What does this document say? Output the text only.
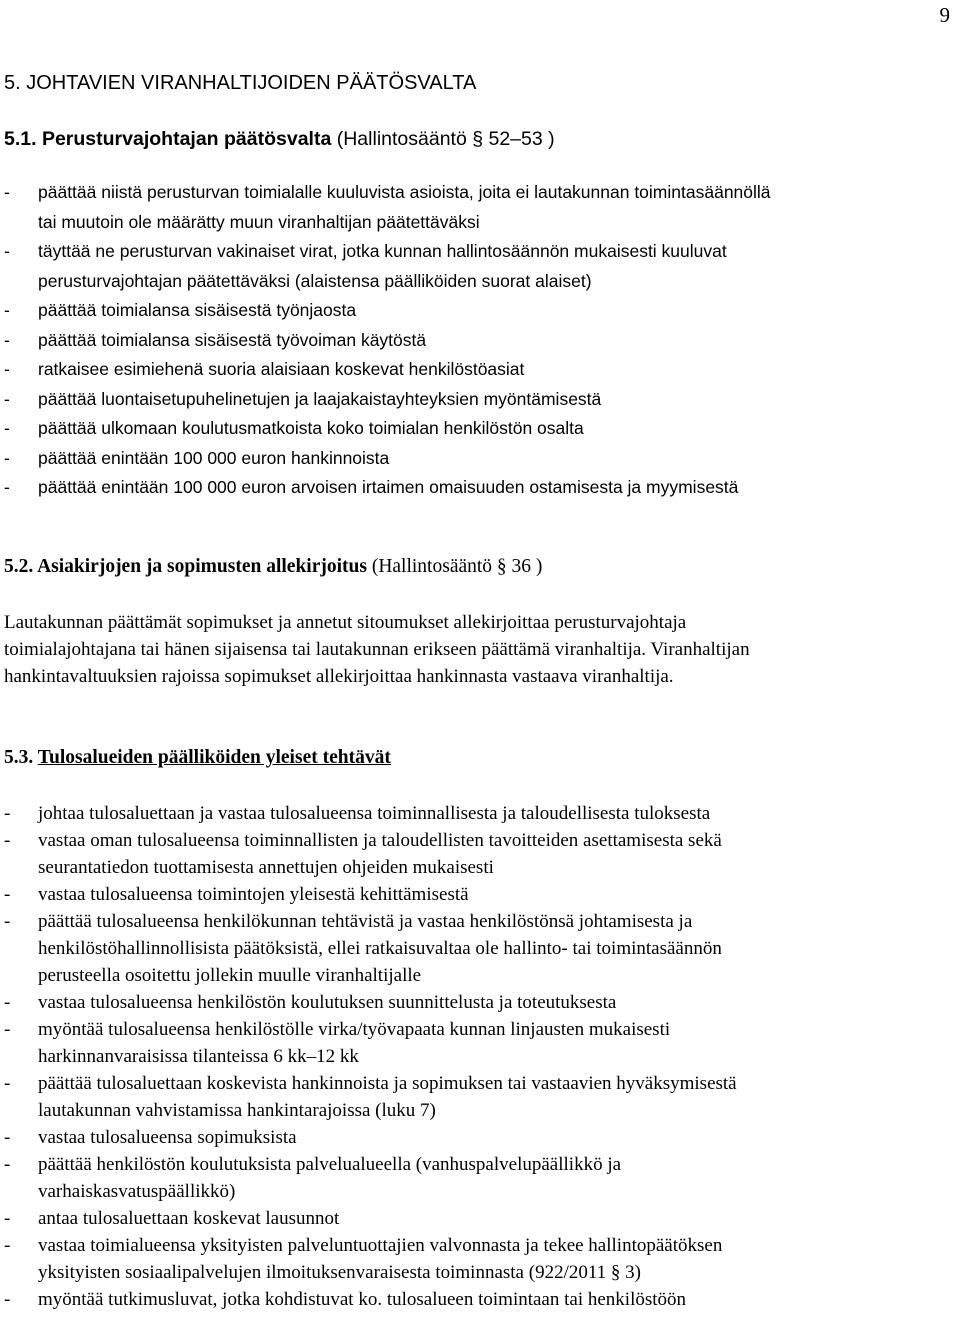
9
5. JOHTAVIEN VIRANHALTIJOIDEN PÄÄTÖSVALTA
5.1. Perusturvajohtajan päätösvalta (Hallintosääntö § 52–53 )
- päättää niistä perusturvan toimialalle kuuluvista asioista, joita ei lautakunnan toimintasäännöllä
tai muutoin ole määrätty muun viranhaltijan päätettäväksi
- täyttää ne perusturvan vakinaiset virat, jotka kunnan hallintosäännön mukaisesti kuuluvat
perusturvajohtajan päätettäväksi (alaistensa päälliköiden suorat alaiset)
- päättää toimialansa sisäisestä työnjaosta
- päättää toimialansa sisäisestä työvoiman käytöstä
- ratkaisee esimiehenä suoria alaisiaan koskevat henkilöstöasiat
- päättää luontaisetupuhelinetujen ja laajakaistayhteyksien myöntämisestä
- päättää ulkomaan koulutusmatkoista koko toimialan henkilöstön osalta
- päättää enintään 100 000 euron hankinnoista
- päättää enintään 100 000 euron arvoisen irtaimen omaisuuden ostamisesta ja myymisestä
5.2. Asiakirjojen ja sopimusten allekirjoitus (Hallintosääntö § 36 )

Lautakunnan päättämät sopimukset ja annetut sitoumukset allekirjoittaa perusturvajohtaja
toimialajohtajana tai hänen sijaisensa tai lautakunnan erikseen päättämä viranhaltija. Viranhaltijan
hankintavaltuuksien rajoissa sopimukset allekirjoittaa hankinnasta vastaava viranhaltija.

5.3. Tulosalueiden päälliköiden yleiset tehtävät
- johtaa tulosaluettaan ja vastaa tulosalueensa toiminnallisesta ja taloudellisesta tuloksesta
- vastaa oman tulosalueensa toiminnallisten ja taloudellisten tavoitteiden asettamisesta sekä
seurantatiedon tuottamisesta annettujen ohjeiden mukaisesti
- vastaa tulosalueensa toimintojen yleisestä kehittämisestä
- päättää tulosalueensa henkilökunnan tehtävistä ja vastaa henkilöstönsä johtamisesta ja
henkilöstöhallinnollisista päätöksistä, ellei ratkaisuvaltaa ole hallinto- tai toimintasäännön
perusteella osoitettu jollekin muulle viranhaltijalle
- vastaa tulosalueensa henkilöstön koulutuksen suunnittelusta ja toteutuksesta
- myöntää tulosalueensa henkilöstölle virka/työvapaata kunnan linjausten mukaisesti
harkinnanvaraisissa tilanteissa 6 kk–12 kk
- päättää tulosaluettaan koskevista hankinnoista ja sopimuksen tai vastaavien hyväksymisestä
lautakunnan vahvistamissa hankintarajoissa (luku 7)
- vastaa tulosalueensa sopimuksista
- päättää henkilöstön koulutuksista palvelualueella (vanhuspalvelupäällikkö ja
varhaiskasvatuspäällikkö)
- antaa tulosaluettaan koskevat lausunnot
- vastaa toimialueensa yksityisten palveluntuottajien valvonnasta ja tekee hallintopäätöksen
yksityisten sosiaalipalvelujen ilmoituksenvaraisesta toiminnasta (922/2011 § 3)
- myöntää tutkimusluvat, jotka kohdistuvat ko. tulosalueen toimintaan tai henkilöstöön
